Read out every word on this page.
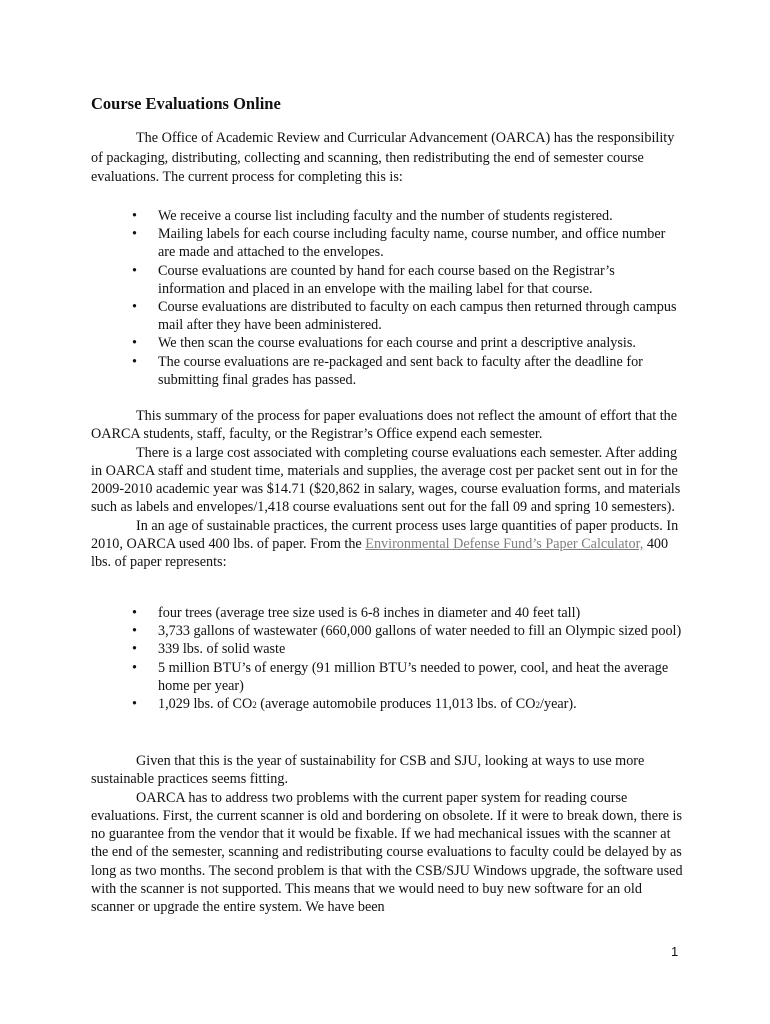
Course Evaluations Online

The Office of Academic Review and Curricular Advancement (OARCA) has the responsibility of packaging, distributing, collecting and scanning, then redistributing the end of semester course evaluations. The current process for completing this is:

• We receive a course list including faculty and the number of students registered.
• Mailing labels for each course including faculty name, course number, and office number are made and attached to the envelopes.
• Course evaluations are counted by hand for each course based on the Registrar’s information and placed in an envelope with the mailing label for that course.
• Course evaluations are distributed to faculty on each campus then returned through campus mail after they have been administered.
• We then scan the course evaluations for each course and print a descriptive analysis.
• The course evaluations are re-packaged and sent back to faculty after the deadline for submitting final grades has passed.

This summary of the process for paper evaluations does not reflect the amount of effort that the OARCA students, staff, faculty, or the Registrar’s Office expend each semester.

There is a large cost associated with completing course evaluations each semester. After adding in OARCA staff and student time, materials and supplies, the average cost per packet sent out in for the 2009-2010 academic year was $14.71 ($20,862 in salary, wages, course evaluation forms, and materials such as labels and envelopes/1,418 course evaluations sent out for the fall 09 and spring 10 semesters).

In an age of sustainable practices, the current process uses large quantities of paper products. In 2010, OARCA used 400 lbs. of paper. From the Environmental Defense Fund’s Paper Calculator, 400 lbs. of paper represents:

• four trees (average tree size used is 6-8 inches in diameter and 40 feet tall)
• 3,733 gallons of wastewater (660,000 gallons of water needed to fill an Olympic sized pool)
• 339 lbs. of solid waste
• 5 million BTU’s of energy (91 million BTU’s needed to power, cool, and heat the average home per year)
• 1,029 lbs. of CO2 (average automobile produces 11,013 lbs. of CO2/year).

Given that this is the year of sustainability for CSB and SJU, looking at ways to use more sustainable practices seems fitting.

OARCA has to address two problems with the current paper system for reading course evaluations. First, the current scanner is old and bordering on obsolete. If it were to break down, there is no guarantee from the vendor that it would be fixable. If we had mechanical issues with the scanner at the end of the semester, scanning and redistributing course evaluations to faculty could be delayed by as long as two months. The second problem is that with the CSB/SJU Windows upgrade, the software used with the scanner is not supported. This means that we would need to buy new software for an old scanner or upgrade the entire system. We have been

1
